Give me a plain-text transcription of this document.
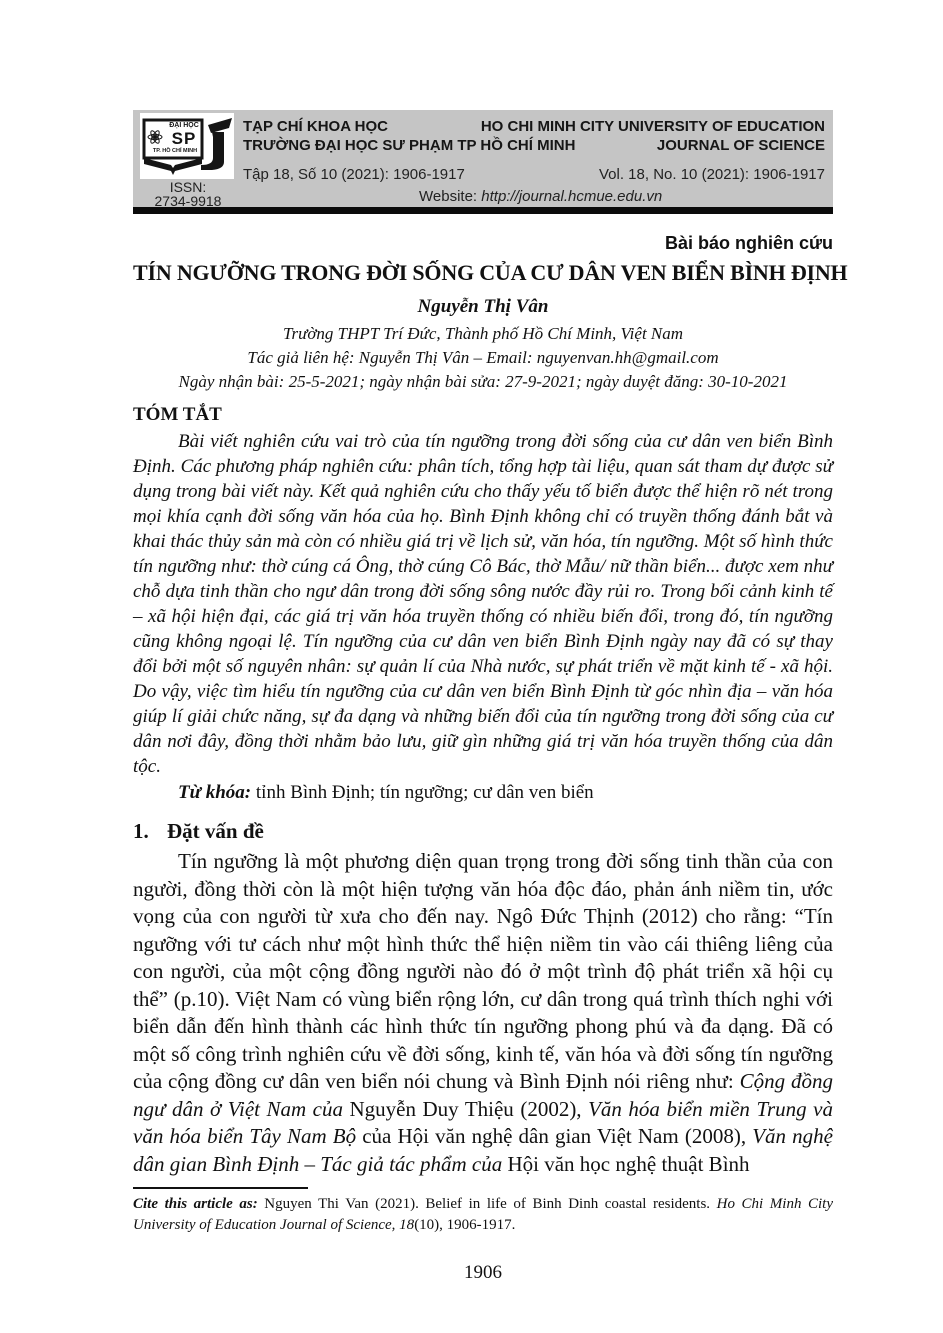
ĐẠI HỌC
SP
TP. HỒ CHÍ MINH
TẠP CHÍ KHOA HỌC
TRƯỜNG ĐẠI HỌC SƯ PHẠM TP HỒ CHÍ MINH
HO CHI MINH CITY UNIVERSITY OF EDUCATION
JOURNAL OF SCIENCE
Tập 18, Số 10 (2021): 1906-1917	Vol. 18, No. 10 (2021): 1906-1917
ISSN:
2734-9918	Website: http://journal.hcmue.edu.vn
Bài báo nghiên cứu
TÍN NGƯỠNG TRONG ĐỜI SỐNG CỦA CƯ DÂN VEN BIỂN BÌNH ĐỊNH
Nguyễn Thị Vân
Trường THPT Trí Đức, Thành phố Hồ Chí Minh, Việt Nam
Tác giả liên hệ: Nguyễn Thị Vân – Email: nguyenvan.hh@gmail.com
Ngày nhận bài: 25-5-2021; ngày nhận bài sửa: 27-9-2021; ngày duyệt đăng: 30-10-2021
TÓM TẮT
Bài viết nghiên cứu vai trò của tín ngưỡng trong đời sống của cư dân ven biển Bình Định. Các phương pháp nghiên cứu: phân tích, tổng hợp tài liệu, quan sát tham dự được sử dụng trong bài viết này. Kết quả nghiên cứu cho thấy yếu tố biển được thể hiện rõ nét trong mọi khía cạnh đời sống văn hóa của họ. Bình Định không chỉ có truyền thống đánh bắt và khai thác thủy sản mà còn có nhiều giá trị về lịch sử, văn hóa, tín ngưỡng. Một số hình thức tín ngưỡng như: thờ cúng cá Ông, thờ cúng Cô Bác, thờ Mẫu/ nữ thần biển... được xem như chỗ dựa tinh thần cho ngư dân trong đời sống sông nước đầy rủi ro. Trong bối cảnh kinh tế – xã hội hiện đại, các giá trị văn hóa truyền thống có nhiều biến đổi, trong đó, tín ngưỡng cũng không ngoại lệ. Tín ngưỡng của cư dân ven biển Bình Định ngày nay đã có sự thay đổi bởi một số nguyên nhân: sự quản lí của Nhà nước, sự phát triển về mặt kinh tế - xã hội. Do vậy, việc tìm hiểu tín ngưỡng của cư dân ven biển Bình Định từ góc nhìn địa – văn hóa giúp lí giải chức năng, sự đa dạng và những biến đổi của tín ngưỡng trong đời sống của cư dân nơi đây, đồng thời nhằm bảo lưu, giữ gìn những giá trị văn hóa truyền thống của dân tộc.
Từ khóa: tỉnh Bình Định; tín ngưỡng; cư dân ven biển
1. Đặt vấn đề
Tín ngưỡng là một phương diện quan trọng trong đời sống tinh thần của con người, đồng thời còn là một hiện tượng văn hóa độc đáo, phản ánh niềm tin, ước vọng của con người từ xưa cho đến nay. Ngô Đức Thịnh (2012) cho rằng: “Tín ngưỡng với tư cách như một hình thức thể hiện niềm tin vào cái thiêng liêng của con người, của một cộng đồng người nào đó ở một trình độ phát triển xã hội cụ thể” (p.10). Việt Nam có vùng biển rộng lớn, cư dân trong quá trình thích nghi với biển dẫn đến hình thành các hình thức tín ngưỡng phong phú và đa dạng. Đã có một số công trình nghiên cứu về đời sống, kinh tế, văn hóa và đời sống tín ngưỡng của cộng đồng cư dân ven biển nói chung và Bình Định nói riêng như: Cộng đồng ngư dân ở Việt Nam của Nguyễn Duy Thiệu (2002), Văn hóa biển miền Trung và văn hóa biển Tây Nam Bộ của Hội văn nghệ dân gian Việt Nam (2008), Văn nghệ dân gian Bình Định – Tác giả tác phẩm của Hội văn học nghệ thuật Bình
Cite this article as: Nguyen Thi Van (2021). Belief in life of Binh Dinh coastal residents. Ho Chi Minh City University of Education Journal of Science, 18(10), 1906-1917.
1906
